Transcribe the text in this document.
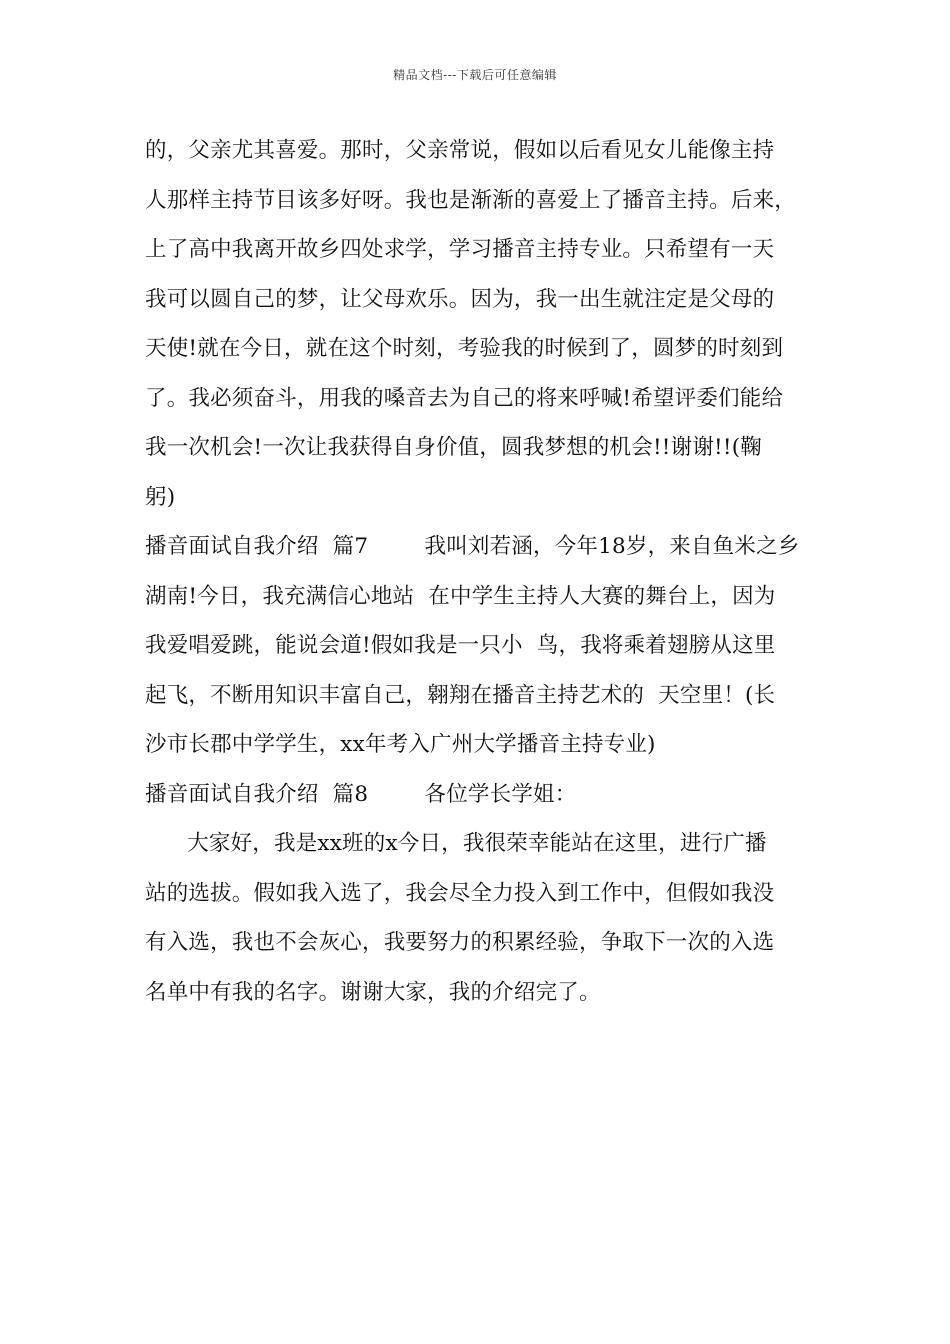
精品文档---下载后可任意编辑
的，父亲尤其喜爱。那时，父亲常说，假如以后看见女儿能像主持
人那样主持节目该多好呀。我也是渐渐的喜爱上了播音主持。后来，
上了高中我离开故乡四处求学，学习播音主持专业。只希望有一天
我可以圆自己的梦，让父母欢乐。因为，我一出生就注定是父母的
天使!就在今日，就在这个时刻，考验我的时候到了，圆梦的时刻到
了。我必须奋斗，用我的嗓音去为自己的将来呼喊!希望评委们能给
我一次机会!一次让我获得自身价值，圆我梦想的机会!!谢谢!!(鞠
躬)
播音面试自我介绍  篇7        我叫刘若涵，今年18岁，来自鱼米之乡
湖南!今日，我充满信心地站  在中学生主持人大赛的舞台上，因为
我爱唱爱跳，能说会道!假如我是一只小  鸟，我将乘着翅膀从这里
起飞，不断用知识丰富自己，翱翔在播音主持艺术的  天空里！(长
沙市长郡中学学生，xx年考入广州大学播音主持专业)
播音面试自我介绍  篇8        各位学长学姐：
大家好，我是xx班的x今日，我很荣幸能站在这里，进行广播
站的选拔。假如我入选了，我会尽全力投入到工作中，但假如我没
有入选，我也不会灰心，我要努力的积累经验，争取下一次的入选
名单中有我的名字。谢谢大家，我的介绍完了。
